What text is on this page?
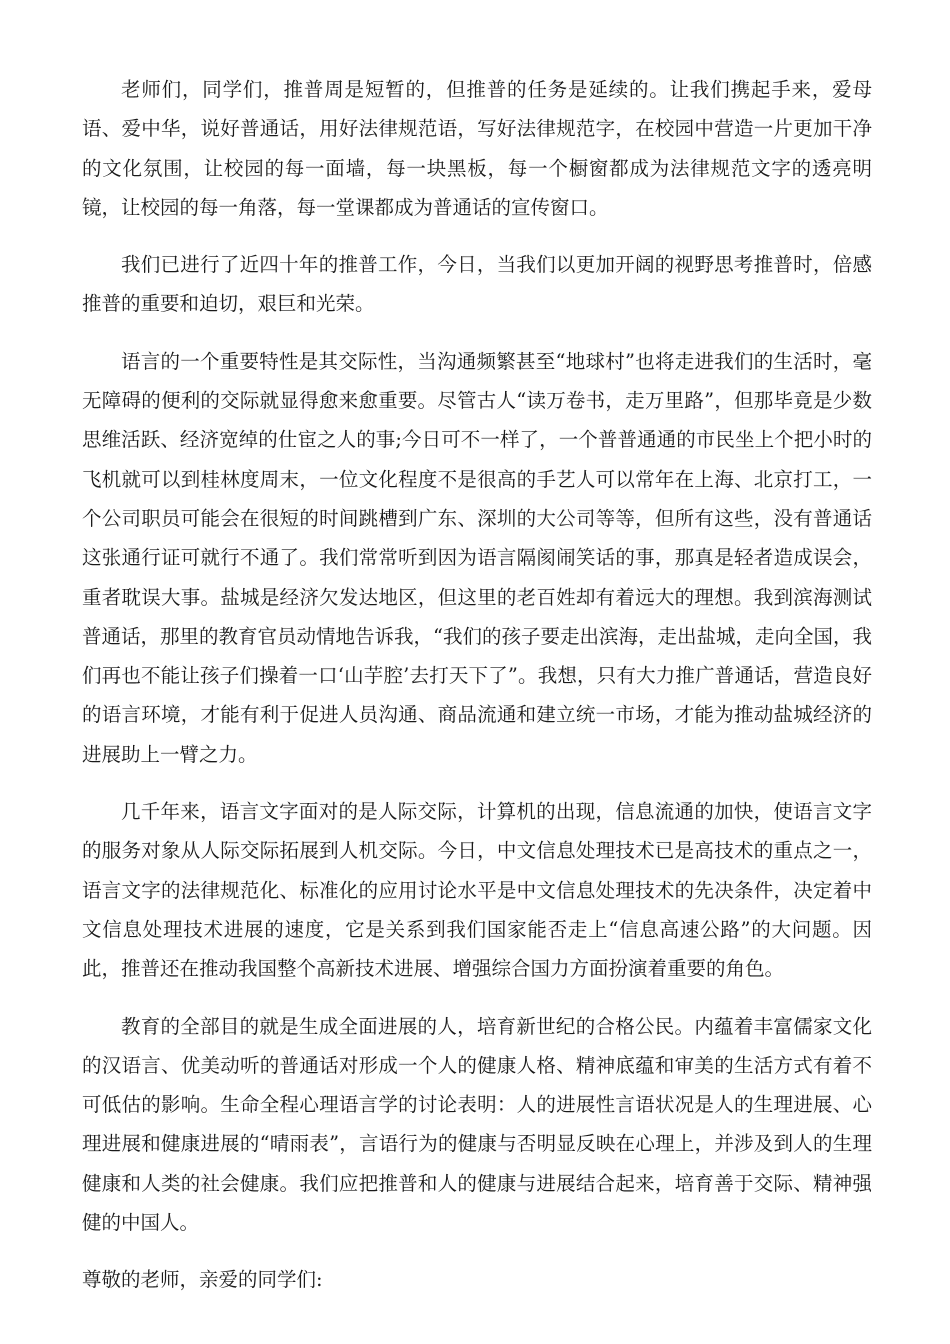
老师们，同学们，推普周是短暂的，但推普的任务是延续的。让我们携起手来，爱母语、爱中华，说好普通话，用好法律规范语，写好法律规范字，在校园中营造一片更加干净的文化氛围，让校园的每一面墙，每一块黑板，每一个橱窗都成为法律规范文字的透亮明镜，让校园的每一角落，每一堂课都成为普通话的宣传窗口。

我们已进行了近四十年的推普工作，今日，当我们以更加开阔的视野思考推普时，倍感推普的重要和迫切，艰巨和光荣。

语言的一个重要特性是其交际性，当沟通频繁甚至“地球村”也将走进我们的生活时，毫无障碍的便利的交际就显得愈来愈重要。尽管古人“读万卷书，走万里路”，但那毕竟是少数思维活跃、经济宽绰的仕宦之人的事;今日可不一样了，一个普普通通的市民坐上个把小时的飞机就可以到桂林度周末，一位文化程度不是很高的手艺人可以常年在上海、北京打工，一个公司职员可能会在很短的时间跳槽到广东、深圳的大公司等等，但所有这些，没有普通话这张通行证可就行不通了。我们常常听到因为语言隔阂闹笑话的事，那真是轻者造成误会，重者耽误大事。盐城是经济欠发达地区，但这里的老百姓却有着远大的理想。我到滨海测试普通话，那里的教育官员动情地告诉我，“我们的孩子要走出滨海，走出盐城，走向全国，我们再也不能让孩子们操着一口‘山芋腔’去打天下了”。我想，只有大力推广普通话，营造良好的语言环境，才能有利于促进人员沟通、商品流通和建立统一市场，才能为推动盐城经济的进展助上一臂之力。

几千年来，语言文字面对的是人际交际，计算机的出现，信息流通的加快，使语言文字的服务对象从人际交际拓展到人机交际。今日，中文信息处理技术已是高技术的重点之一，语言文字的法律规范化、标准化的应用讨论水平是中文信息处理技术的先决条件，决定着中文信息处理技术进展的速度，它是关系到我们国家能否走上“信息高速公路”的大问题。因此，推普还在推动我国整个高新技术进展、增强综合国力方面扮演着重要的角色。

教育的全部目的就是生成全面进展的人，培育新世纪的合格公民。内蕴着丰富儒家文化的汉语言、优美动听的普通话对形成一个人的健康人格、精神底蕴和审美的生活方式有着不可低估的影响。生命全程心理语言学的讨论表明：人的进展性言语状况是人的生理进展、心理进展和健康进展的“晴雨表”，言语行为的健康与否明显反映在心理上，并涉及到人的生理健康和人类的社会健康。我们应把推普和人的健康与进展结合起来，培育善于交际、精神强健的中国人。

尊敬的老师，亲爱的同学们:
